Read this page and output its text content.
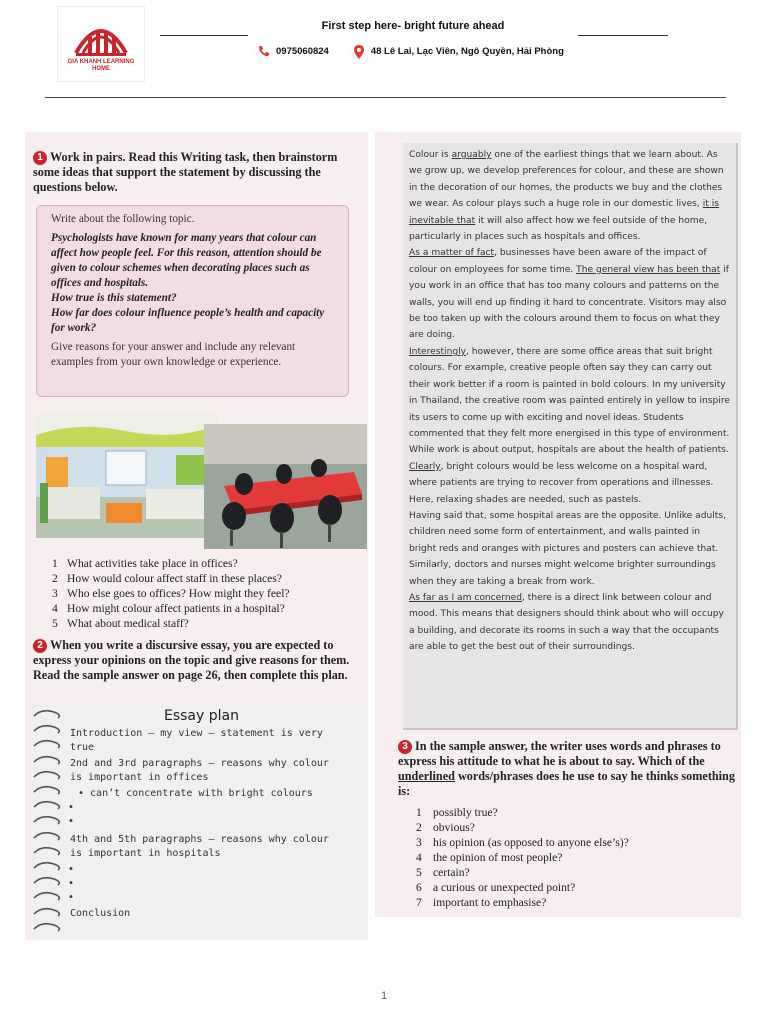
GIA KHANH LEARNING HOME
First step here- bright future ahead
0975060824	48 Lê Lai, Lạc Viên, Ngô Quyền, Hải Phòng
1 Work in pairs. Read this Writing task, then brainstorm some ideas that support the statement by discussing the questions below.

Write about the following topic.

Psychologists have known for many years that colour can affect how people feel. For this reason, attention should be given to colour schemes when decorating places such as offices and hospitals.

How true is this statement?

How far does colour influence people’s health and capacity for work?

Give reasons for your answer and include any relevant examples from your own knowledge or experience.

1 What activities take place in offices?
2 How would colour affect staff in these places?
3 Who else goes to offices? How might they feel?
4 How might colour affect patients in a hospital?
5 What about medical staff?
2 When you write a discursive essay, you are expected to express your opinions on the topic and give reasons for them. Read the sample answer on page 26, then complete this plan.
Essay plan
Introduction – my view – statement is very
true
2nd and 3rd paragraphs – reasons why colour
is important in offices
• can’t concentrate with bright colours
•
•
4th and 5th paragraphs – reasons why colour
is important in hospitals
•
•
•
Conclusion

Colour is arguably one of the earliest things that we learn about. As we grow up, we develop preferences for colour, and these are shown in the decoration of our homes, the products we buy and the clothes we wear. As colour plays such a huge role in our domestic lives, it is inevitable that it will also affect how we feel outside of the home, particularly in places such as hospitals and offices.

As a matter of fact, businesses have been aware of the impact of colour on employees for some time. The general view has been that if you work in an office that has too many colours and patterns on the walls, you will end up finding it hard to concentrate. Visitors may also be too taken up with the colours around them to focus on what they are doing.

Interestingly, however, there are some office areas that suit bright colours. For example, creative people often say they can carry out their work better if a room is painted in bold colours. In my university in Thailand, the creative room was painted entirely in yellow to inspire its users to come up with exciting and novel ideas. Students commented that they felt more energised in this type of environment.

While work is about output, hospitals are about the health of patients. Clearly, bright colours would be less welcome on a hospital ward, where patients are trying to recover from operations and illnesses. Here, relaxing shades are needed, such as pastels.

Having said that, some hospital areas are the opposite. Unlike adults, children need some form of entertainment, and walls painted in bright reds and oranges with pictures and posters can achieve that. Similarly, doctors and nurses might welcome brighter surroundings when they are taking a break from work.

As far as I am concerned, there is a direct link between colour and mood. This means that designers should think about who will occupy a building, and decorate its rooms in such a way that the occupants are able to get the best out of their surroundings.

3 In the sample answer, the writer uses words and phrases to express his attitude to what he is about to say. Which of the underlined words/phrases does he use to say he thinks something is:
1 possibly true?
2 obvious?
3 his opinion (as opposed to anyone else’s)?
4 the opinion of most people?
5 certain?
6 a curious or unexpected point?
7 important to emphasise?
1
